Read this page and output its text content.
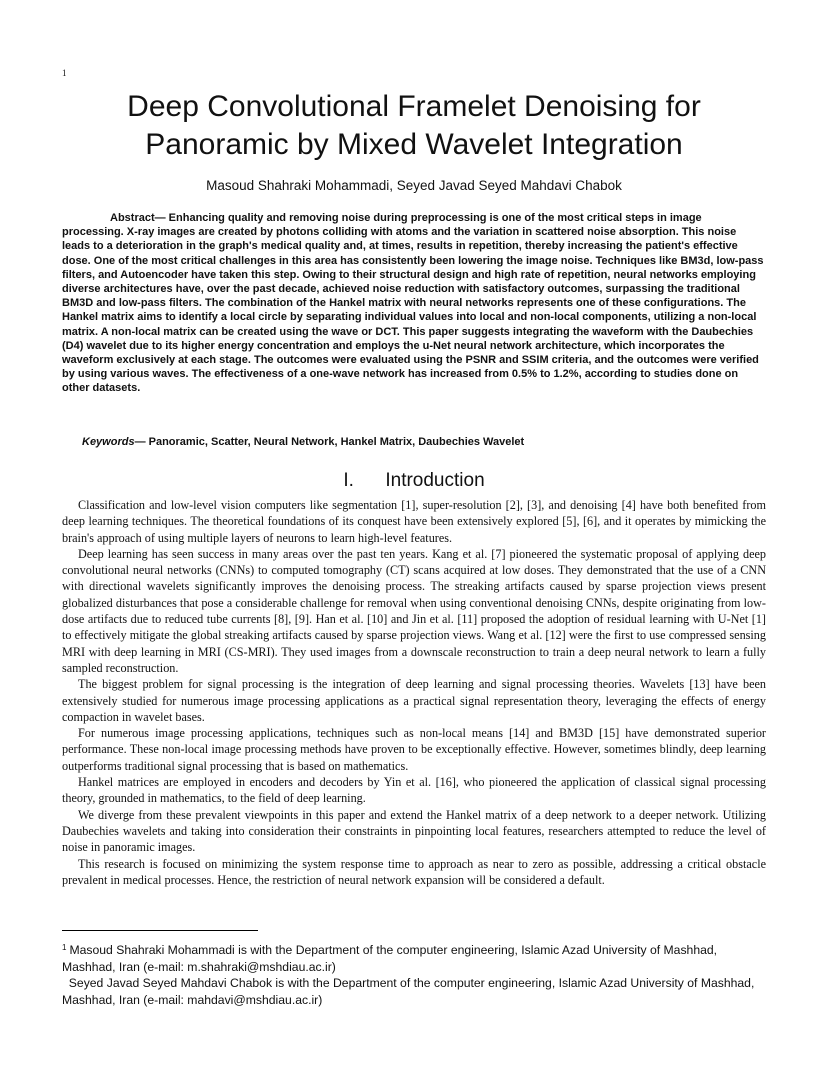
1
Deep Convolutional Framelet Denoising for Panoramic by Mixed Wavelet Integration
Masoud Shahraki Mohammadi, Seyed Javad Seyed Mahdavi Chabok

Abstract— Enhancing quality and removing noise during preprocessing is one of the most critical steps in image processing. X-ray images are created by photons colliding with atoms and the variation in scattered noise absorption. This noise leads to a deterioration in the graph's medical quality and, at times, results in repetition, thereby increasing the patient's effective dose. One of the most critical challenges in this area has consistently been lowering the image noise. Techniques like BM3d, low-pass filters, and Autoencoder have taken this step. Owing to their structural design and high rate of repetition, neural networks employing diverse architectures have, over the past decade, achieved noise reduction with satisfactory outcomes, surpassing the traditional BM3D and low-pass filters. The combination of the Hankel matrix with neural networks represents one of these configurations. The Hankel matrix aims to identify a local circle by separating individual values into local and non-local components, utilizing a non-local matrix. A non-local matrix can be created using the wave or DCT. This paper suggests integrating the waveform with the Daubechies (D4) wavelet due to its higher energy concentration and employs the u-Net neural network architecture, which incorporates the waveform exclusively at each stage. The outcomes were evaluated using the PSNR and SSIM criteria, and the outcomes were verified by using various waves. The effectiveness of a one-wave network has increased from 0.5% to 1.2%, according to studies done on other datasets.

Keywords— Panoramic, Scatter, Neural Network, Hankel Matrix, Daubechies Wavelet
I. Introduction

Classification and low-level vision computers like segmentation [1], super-resolution [2], [3], and denoising [4] have both benefited from deep learning techniques. The theoretical foundations of its conquest have been extensively explored [5], [6], and it operates by mimicking the brain's approach of using multiple layers of neurons to learn high-level features.

Deep learning has seen success in many areas over the past ten years. Kang et al. [7] pioneered the systematic proposal of applying deep convolutional neural networks (CNNs) to computed tomography (CT) scans acquired at low doses. They demonstrated that the use of a CNN with directional wavelets significantly improves the denoising process. The streaking artifacts caused by sparse projection views present globalized disturbances that pose a considerable challenge for removal when using conventional denoising CNNs, despite originating from low-dose artifacts due to reduced tube currents [8], [9]. Han et al. [10] and Jin et al. [11] proposed the adoption of residual learning with U-Net [1] to effectively mitigate the global streaking artifacts caused by sparse projection views. Wang et al. [12] were the first to use compressed sensing MRI with deep learning in MRI (CS-MRI). They used images from a downscale reconstruction to train a deep neural network to learn a fully sampled reconstruction.

The biggest problem for signal processing is the integration of deep learning and signal processing theories. Wavelets [13] have been extensively studied for numerous image processing applications as a practical signal representation theory, leveraging the effects of energy compaction in wavelet bases.

For numerous image processing applications, techniques such as non-local means [14] and BM3D [15] have demonstrated superior performance. These non-local image processing methods have proven to be exceptionally effective. However, sometimes blindly, deep learning outperforms traditional signal processing that is based on mathematics.

Hankel matrices are employed in encoders and decoders by Yin et al. [16], who pioneered the application of classical signal processing theory, grounded in mathematics, to the field of deep learning.

We diverge from these prevalent viewpoints in this paper and extend the Hankel matrix of a deep network to a deeper network. Utilizing Daubechies wavelets and taking into consideration their constraints in pinpointing local features, researchers attempted to reduce the level of noise in panoramic images.

This research is focused on minimizing the system response time to approach as near to zero as possible, addressing a critical obstacle prevalent in medical processes. Hence, the restriction of neural network expansion will be considered a default.

$^1$ Masoud Shahraki Mohammadi is with the Department of the computer engineering, Islamic Azad University of Mashhad, Mashhad, Iran (e-mail: m.shahraki@mshdiau.ac.ir)

Seyed Javad Seyed Mahdavi Chabok is with the Department of the computer engineering, Islamic Azad University of Mashhad, Mashhad, Iran (e-mail: mahdavi@mshdiau.ac.ir)
